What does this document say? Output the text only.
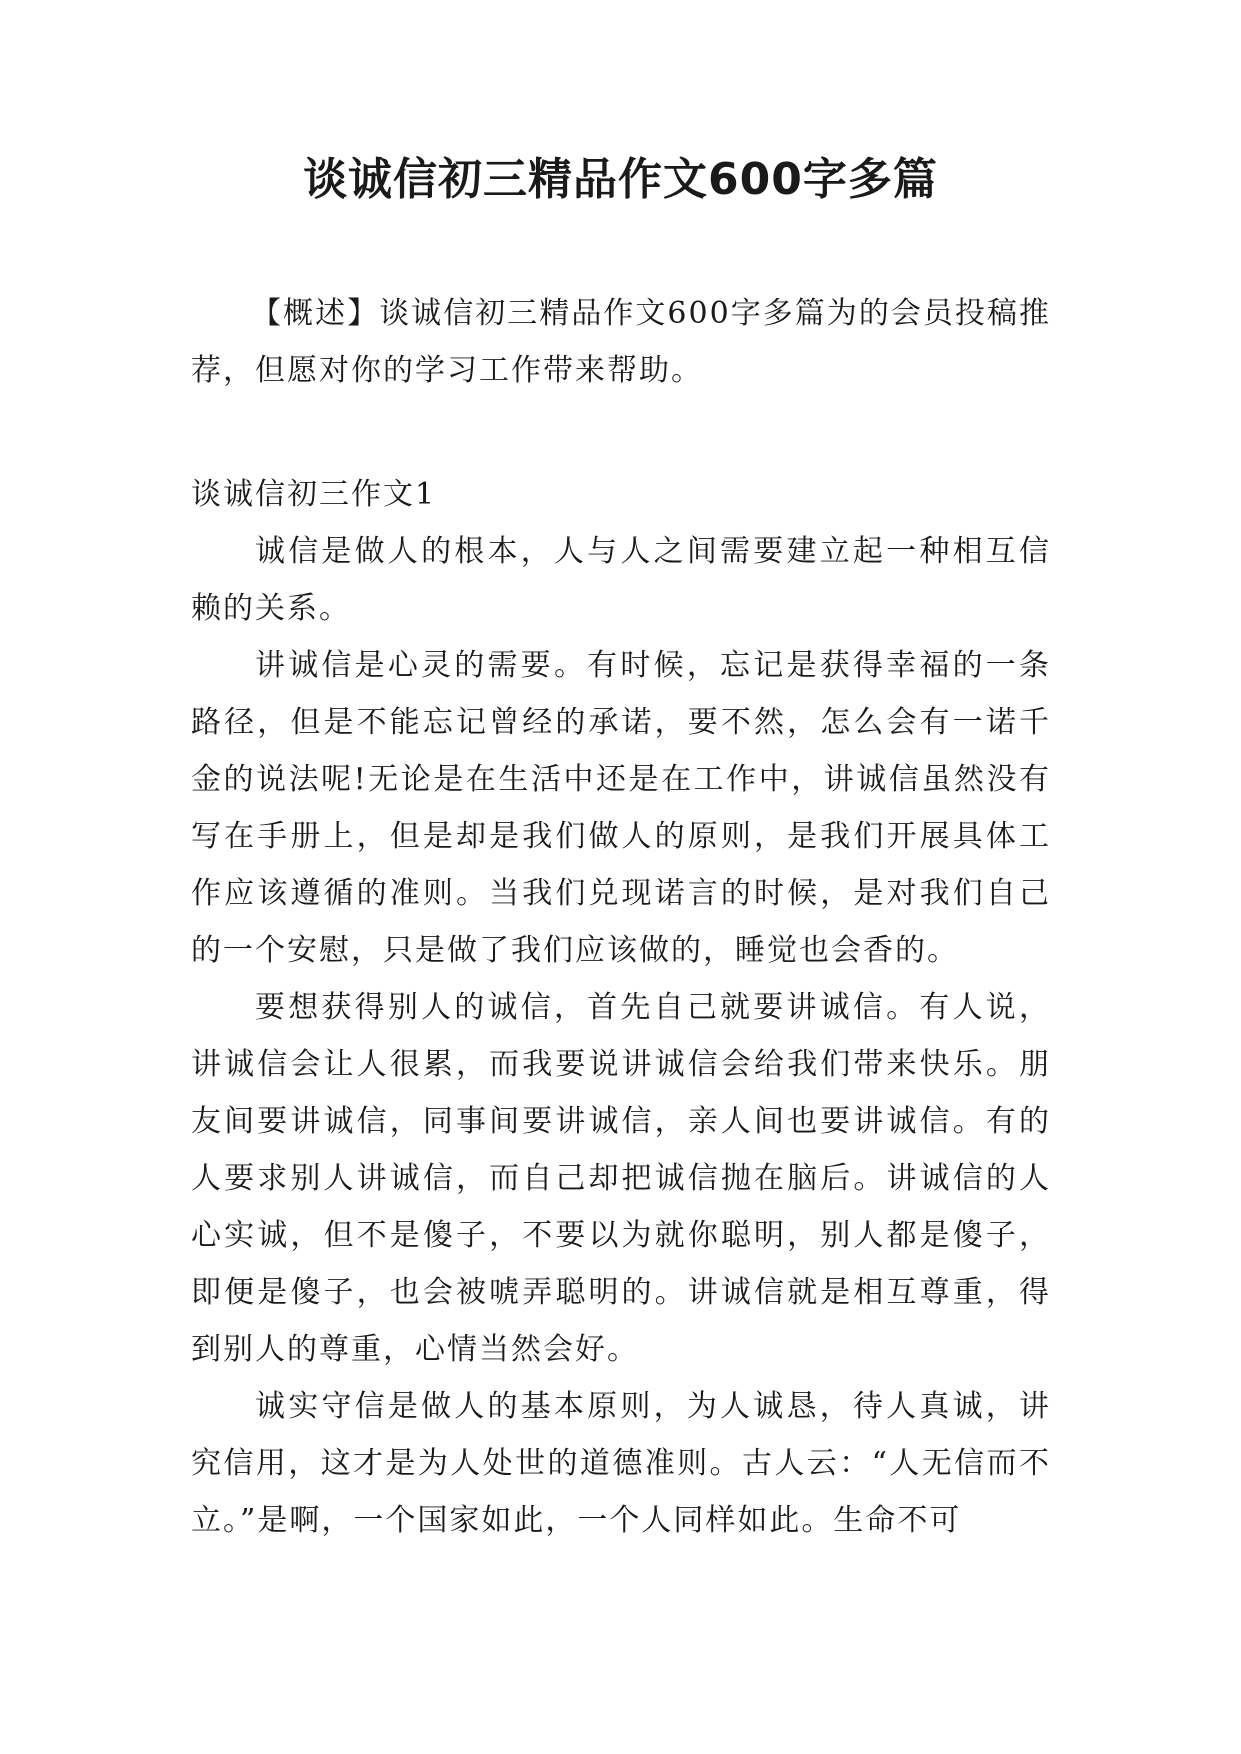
谈诚信初三精品作文600字多篇

【概述】谈诚信初三精品作文600字多篇为的会员投稿推荐，但愿对你的学习工作带来帮助。

谈诚信初三作文1

诚信是做人的根本，人与人之间需要建立起一种相互信赖的关系。

讲诚信是心灵的需要。有时候，忘记是获得幸福的一条路径，但是不能忘记曾经的承诺，要不然，怎么会有一诺千金的说法呢!无论是在生活中还是在工作中，讲诚信虽然没有写在手册上，但是却是我们做人的原则，是我们开展具体工作应该遵循的准则。当我们兑现诺言的时候，是对我们自己的一个安慰，只是做了我们应该做的，睡觉也会香的。

要想获得别人的诚信，首先自己就要讲诚信。有人说，讲诚信会让人很累，而我要说讲诚信会给我们带来快乐。朋友间要讲诚信，同事间要讲诚信，亲人间也要讲诚信。有的人要求别人讲诚信，而自己却把诚信抛在脑后。讲诚信的人心实诚，但不是傻子，不要以为就你聪明，别人都是傻子，即便是傻子，也会被唬弄聪明的。讲诚信就是相互尊重，得到别人的尊重，心情当然会好。

诚实守信是做人的基本原则，为人诚恳，待人真诚，讲究信用，这才是为人处世的道德准则。古人云：“人无信而不立。”是啊，一个国家如此，一个人同样如此。生命不可
